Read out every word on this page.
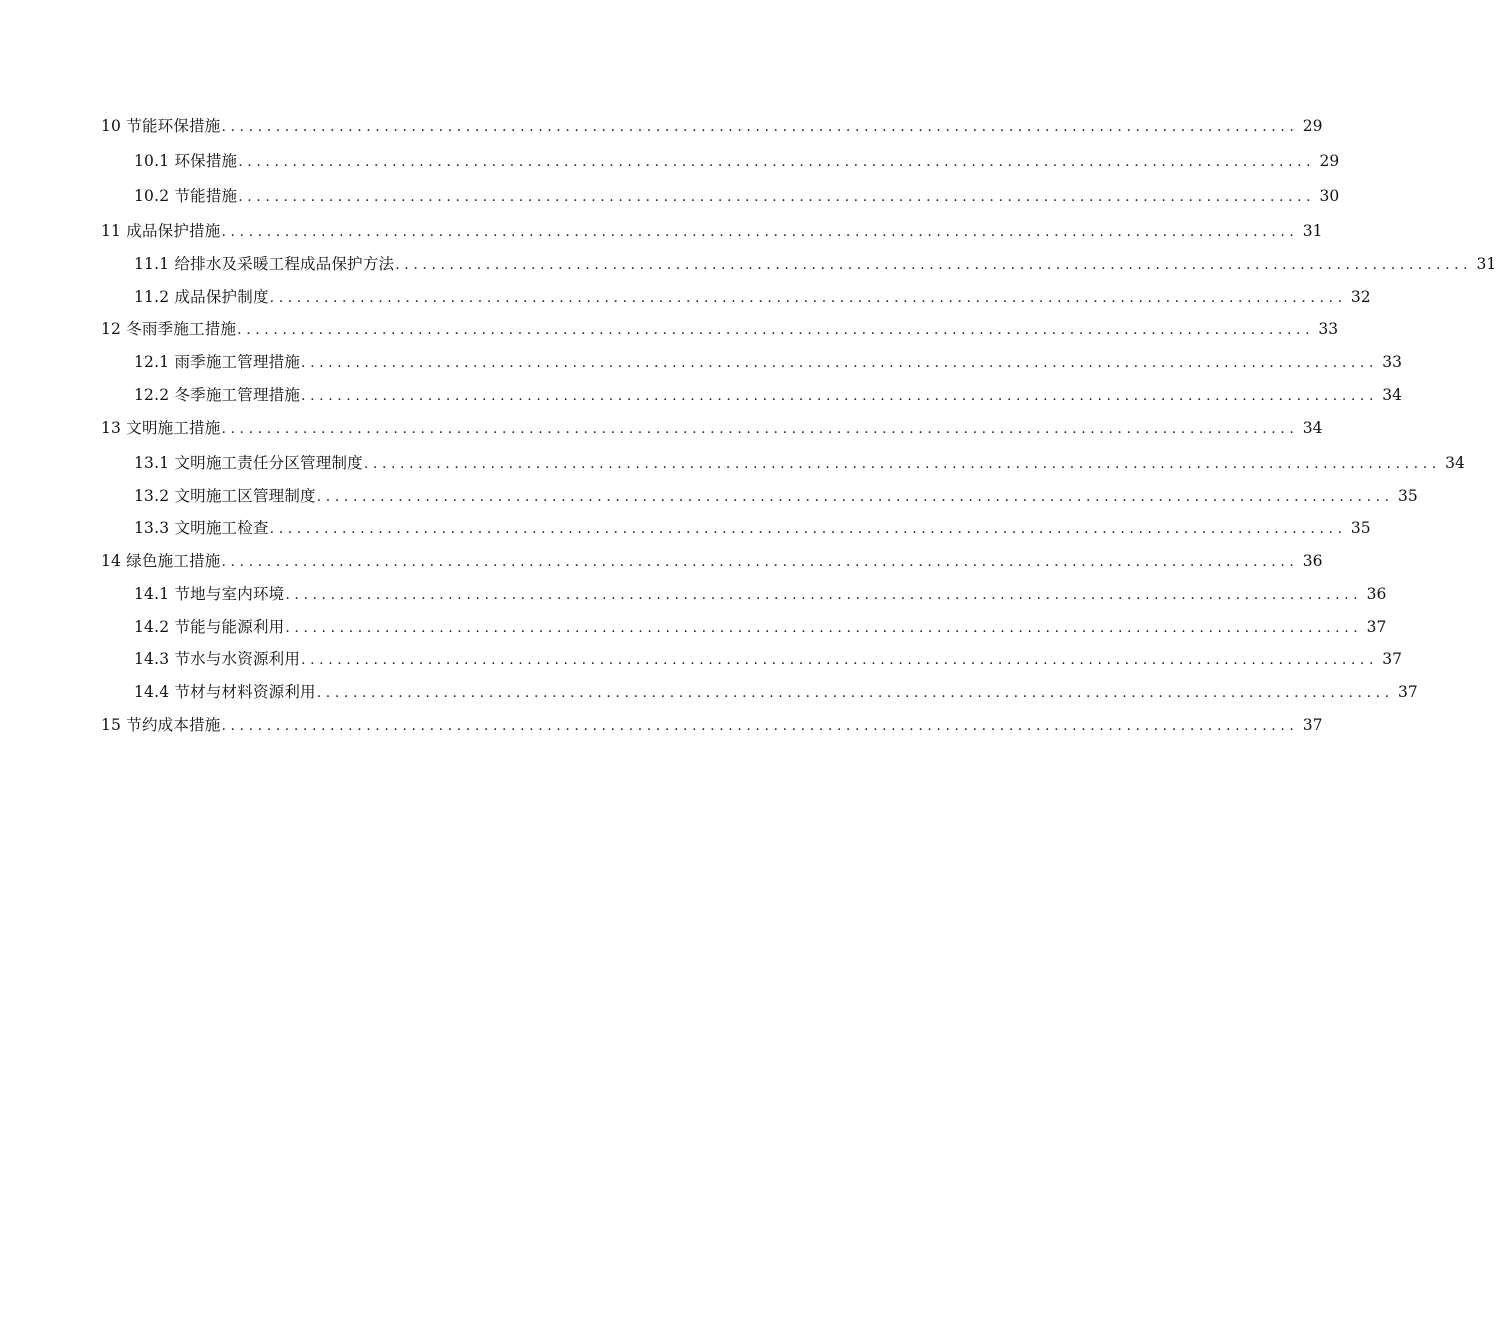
10 节能环保措施 ....................................................................................................................... 29
10.1 环保措施 ....................................................................................................................... 29
10.2 节能措施 ....................................................................................................................... 30
11 成品保护措施 ....................................................................................................................... 31
11.1 给排水及采暖工程成品保护方法 ....................................................................................................................... 31
11.2 成品保护制度 ....................................................................................................................... 32
12 冬雨季施工措施 ....................................................................................................................... 33
12.1 雨季施工管理措施 ....................................................................................................................... 33
12.2 冬季施工管理措施 ....................................................................................................................... 34
13 文明施工措施 ....................................................................................................................... 34
13.1 文明施工责任分区管理制度 ....................................................................................................................... 34
13.2 文明施工区管理制度 ....................................................................................................................... 35
13.3 文明施工检查 ....................................................................................................................... 35
14 绿色施工措施 ....................................................................................................................... 36
14.1 节地与室内环境 ....................................................................................................................... 36
14.2 节能与能源利用 ....................................................................................................................... 37
14.3 节水与水资源利用 ....................................................................................................................... 37
14.4 节材与材料资源利用 ....................................................................................................................... 37
15 节约成本措施 ....................................................................................................................... 37
